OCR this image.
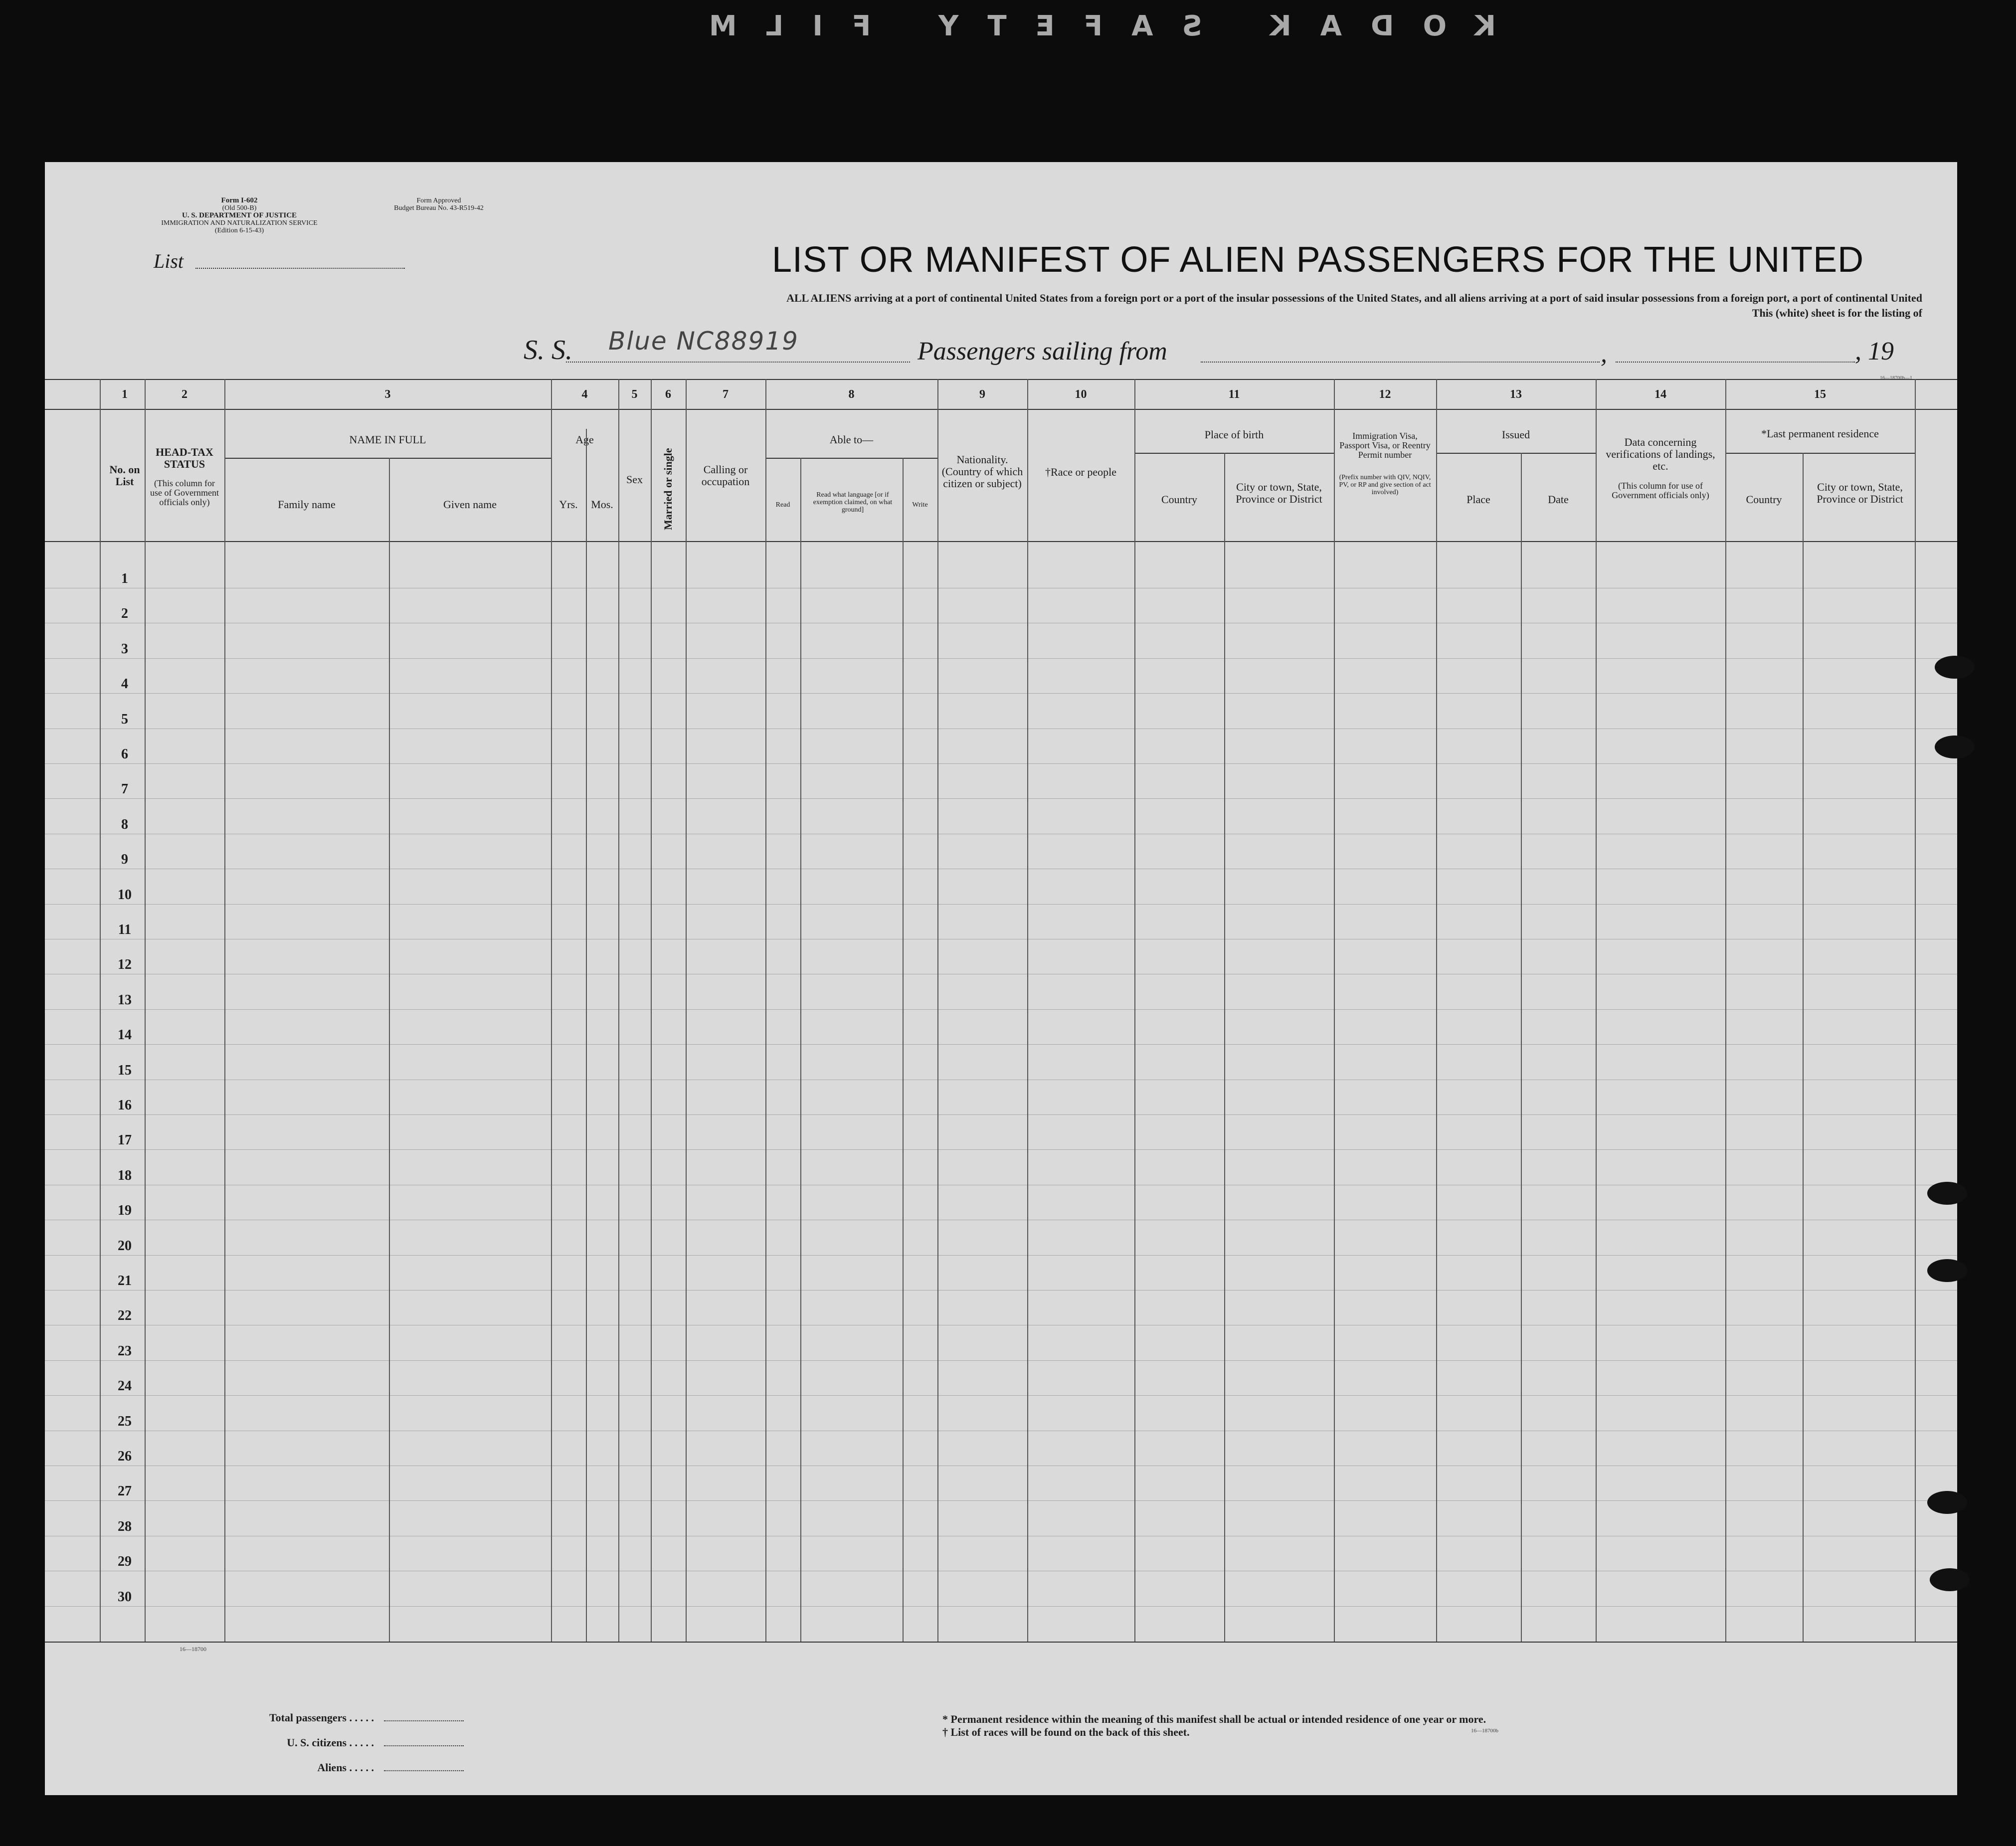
KODAK SAFETY FILM
Form I-602
(Old 500-B)
U. S. DEPARTMENT OF JUSTICE
IMMIGRATION AND NATURALIZATION SERVICE
(Edition 6-15-43)
Form Approved
Budget Bureau No. 43-R519-42
List	LIST OR MANIFEST OF ALIEN PASSENGERS FOR THE UNITED
ALL ALIENS arriving at a port of continental United States from a foreign port or a port of the insular possessions of the United States, and all aliens arriving at a port of said insular possessions from a foreign port, a port of continental United
This (white) sheet is for the listing of
S. S. Blue NC88919	Passengers sailing from	,	, 19
16—18700b—1
1	2	3	4	5	6	7	8	9	10	11	12	13	14	15
No. on List
HEAD-TAX STATUS
(This column for use of Government officials only)
NAME IN FULL
Family name	Given name
Age
Yrs.	Mos.
Sex	Married or single	Calling or occupation
Able to—
Read
Read what language [or if exemption claimed, on what ground]
Write
Nationality. (Country of which citizen or subject)
†Race or people
Place of birth
Country
City or town, State, Province or District
Immigration Visa, Passport Visa, or Reentry Permit number
(Prefix number with QIV, NQIV, PV, or RP and give section of act involved)
Issued
Place	Date
Data concerning verifications of landings, etc.
(This column for use of Government officials only)
*Last permanent residence
Country
City or town, State, Province or District
1
2
3
4
5
6
7
8
9
10
11
12
13
14
15
16
17
18
19
20
21
22
23
24
25
26
27
28
29
30
16—18700
Total passengers . . . . .
U. S. citizens . . . . .
Aliens . . . . .
* Permanent residence within the meaning of this manifest shall be actual or intended residence of one year or more.
† List of races will be found on the back of this sheet.	16—18700b
